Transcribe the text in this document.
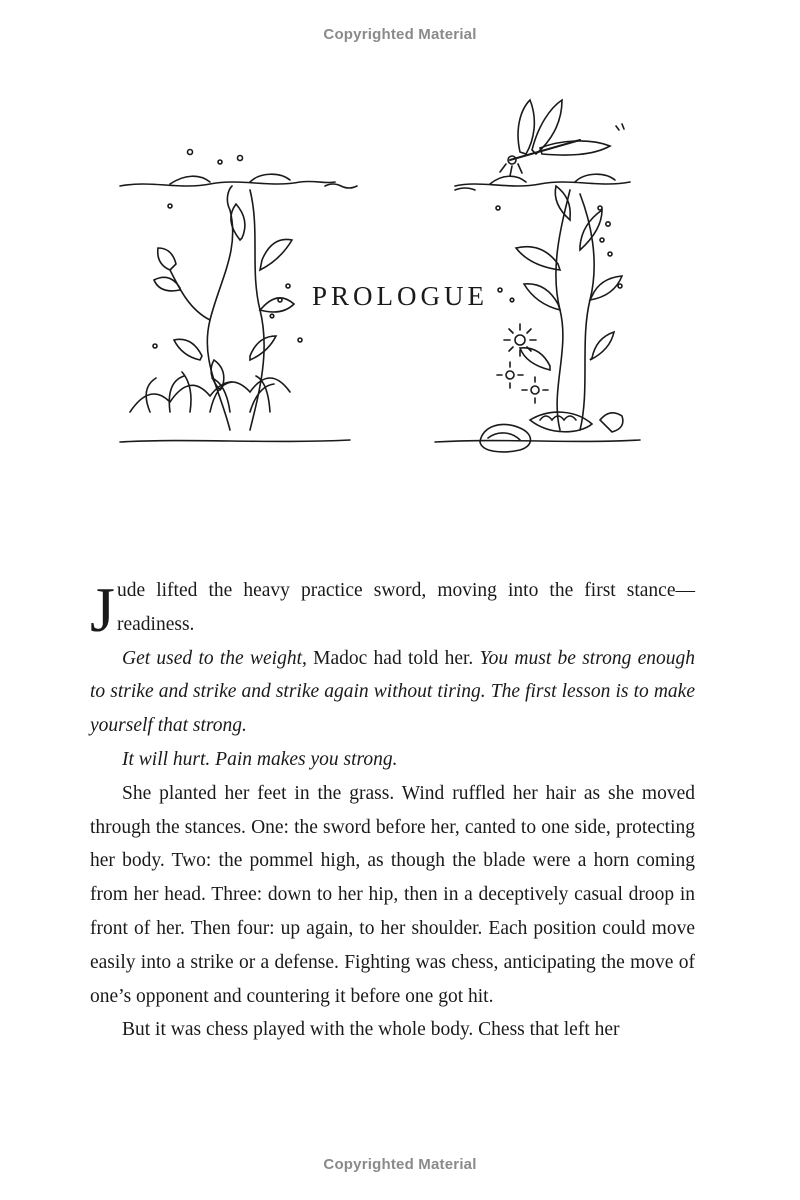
Copyrighted Material
PROLOGUE

J ude lifted the heavy practice sword, moving into the first stance—readiness.

Get used to the weight, Madoc had told her. You must be strong enough to strike and strike and strike again without tiring. The first lesson is to make yourself that strong.

It will hurt. Pain makes you strong.

She planted her feet in the grass. Wind ruffled her hair as she moved through the stances. One: the sword before her, canted to one side, protecting her body. Two: the pommel high, as though the blade were a horn coming from her head. Three: down to her hip, then in a deceptively casual droop in front of her. Then four: up again, to her shoulder. Each position could move easily into a strike or a defense. Fighting was chess, anticipating the move of one’s opponent and countering it before one got hit.

But it was chess played with the whole body. Chess that left her

Copyrighted Material
